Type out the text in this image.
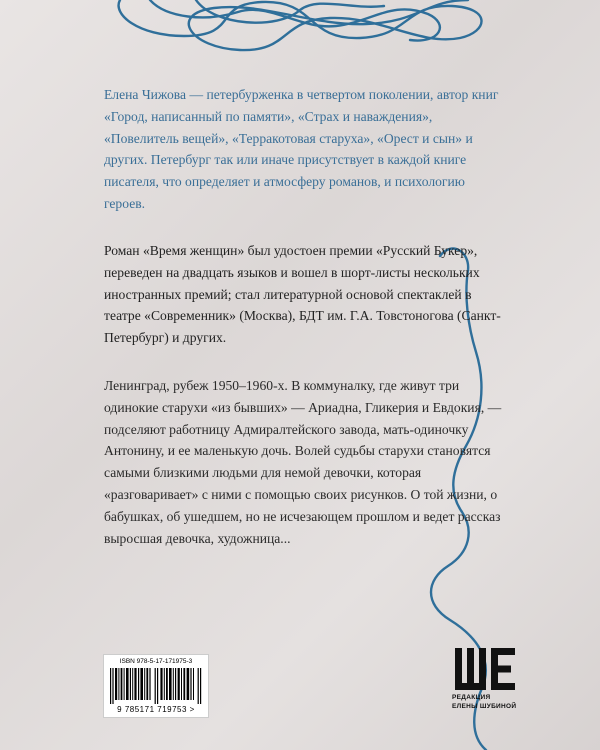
Елена Чижова — петербурженка в четвертом поколении, автор книг «Город, написанный по памяти», «Страх и наваждения», «Повелитель вещей», «Терракотовая старуха», «Орест и сын» и других. Петербург так или иначе присутствует в каждой книге писателя, что определяет и атмосферу романов, и психологию героев.

Роман «Время женщин» был удостоен премии «Русский Букер», переведен на двадцать языков и вошел в шорт-листы нескольких иностранных премий; стал литературной основой спектаклей в театре «Современник» (Москва), БДТ им. Г.А. Товстоногова (Санкт-Петербург) и других.

Ленинград, рубеж 1950–1960-х. В коммуналку, где живут три одинокие старухи «из бывших» — Ариадна, Гликерия и Евдокия, — подселяют работницу Адмиралтейского завода, мать-одиночку Антонину, и ее маленькую дочь. Волей судьбы старухи становятся самыми близкими людьми для немой девочки, которая «разговаривает» с ними с помощью своих рисунков. О той жизни, о бабушках, об ушедшем, но не исчезающем прошлом и ведет рассказ выросшая девочка, художница...

ISBN 978-5-17-171975-3
9 785171 719753 >
РЕДАКЦИЯ
ЕЛЕНЫ ШУБИНОЙ
